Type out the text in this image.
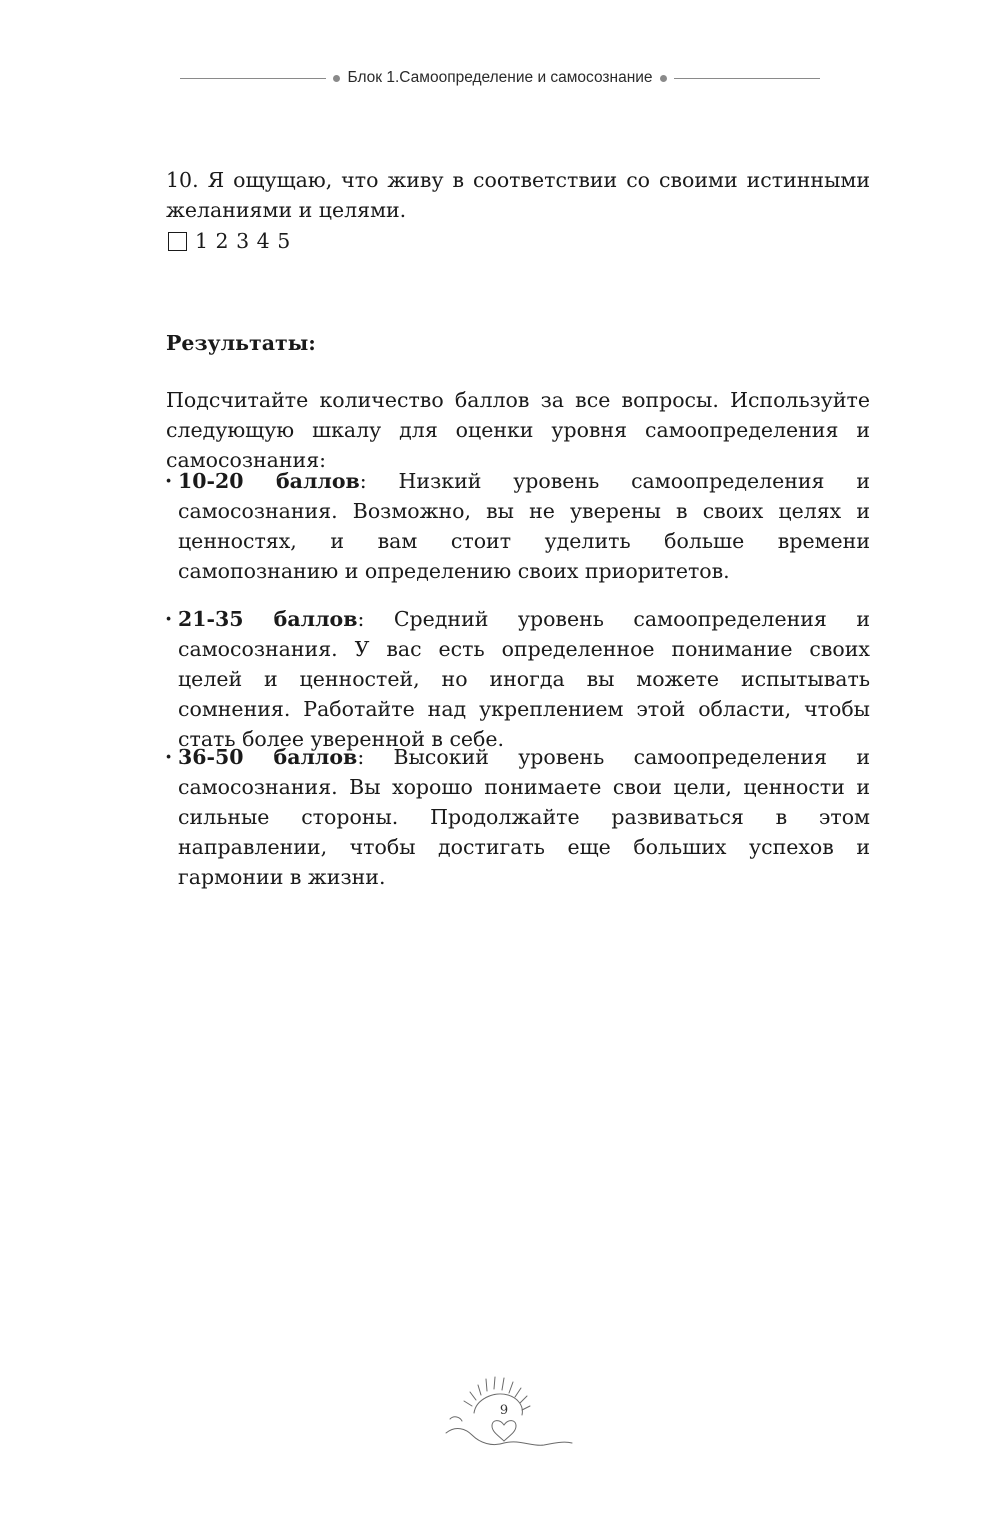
Блок 1.Самоопределение и самосознание

10. Я ощущаю, что живу в соответствии со своими истинными желаниями и целями.

1 2 3 4 5

Результаты:

Подсчитайте количество баллов за все вопросы. Используйте следующую шкалу для оценки уровня самоопределения и самосознания:

· 10-20 баллов: Низкий уровень самоопределения и самосознания. Возможно, вы не уверены в своих целях и ценностях, и вам стоит уделить больше времени самопознанию и определению своих приоритетов.

· 21-35 баллов: Средний уровень самоопределения и самосознания. У вас есть определенное понимание своих целей и ценностей, но иногда вы можете испытывать сомнения. Работайте над укреплением этой области, чтобы стать более уверенной в себе.

· 36-50 баллов: Высокий уровень самоопределения и самосознания. Вы хорошо понимаете свои цели, ценности и сильные стороны. Продолжайте развиваться в этом направлении, чтобы достигать еще больших успехов и гармонии в жизни.

9
